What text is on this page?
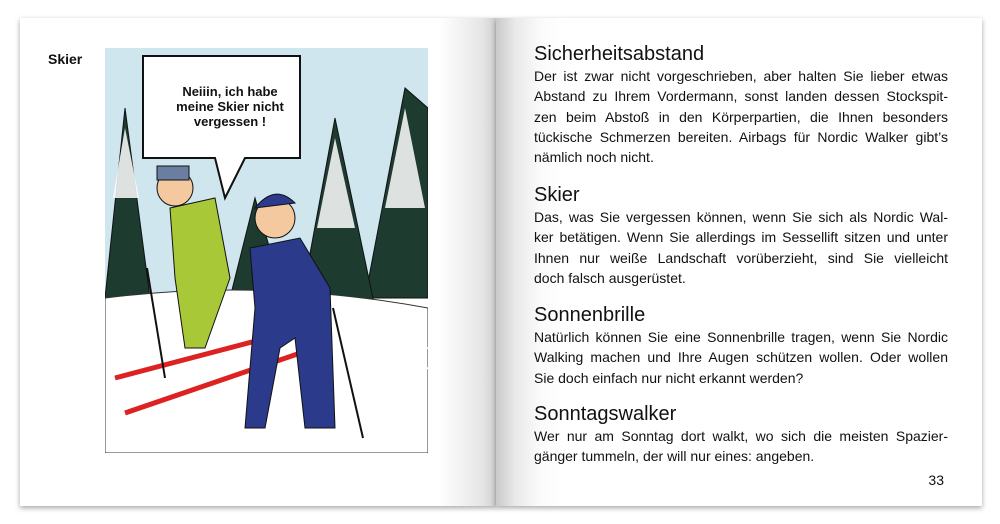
Skier
Neiiin, ich habe
meine Skier nicht
vergessen !
Sicherheitsabstand
Der ist zwar nicht vorgeschrieben, aber halten Sie lieber etwas
Abstand zu Ihrem Vordermann, sonst landen dessen Stockspit-
zen beim Abstoß in den Körperpartien, die Ihnen besonders
tückische Schmerzen bereiten. Airbags für Nordic Walker gibt’s
nämlich noch nicht.
Skier
Das, was Sie vergessen können, wenn Sie sich als Nordic Wal-
ker betätigen. Wenn Sie allerdings im Sessellift sitzen und unter
Ihnen nur weiße Landschaft vorüberzieht, sind Sie vielleicht
doch falsch ausgerüstet.
Sonnenbrille
Natürlich können Sie eine Sonnenbrille tragen, wenn Sie Nordic
Walking machen und Ihre Augen schützen wollen. Oder wollen
Sie doch einfach nur nicht erkannt werden?
Sonntagswalker
Wer nur am Sonntag dort walkt, wo sich die meisten Spazier-
gänger tummeln, der will nur eines: angeben.
33
